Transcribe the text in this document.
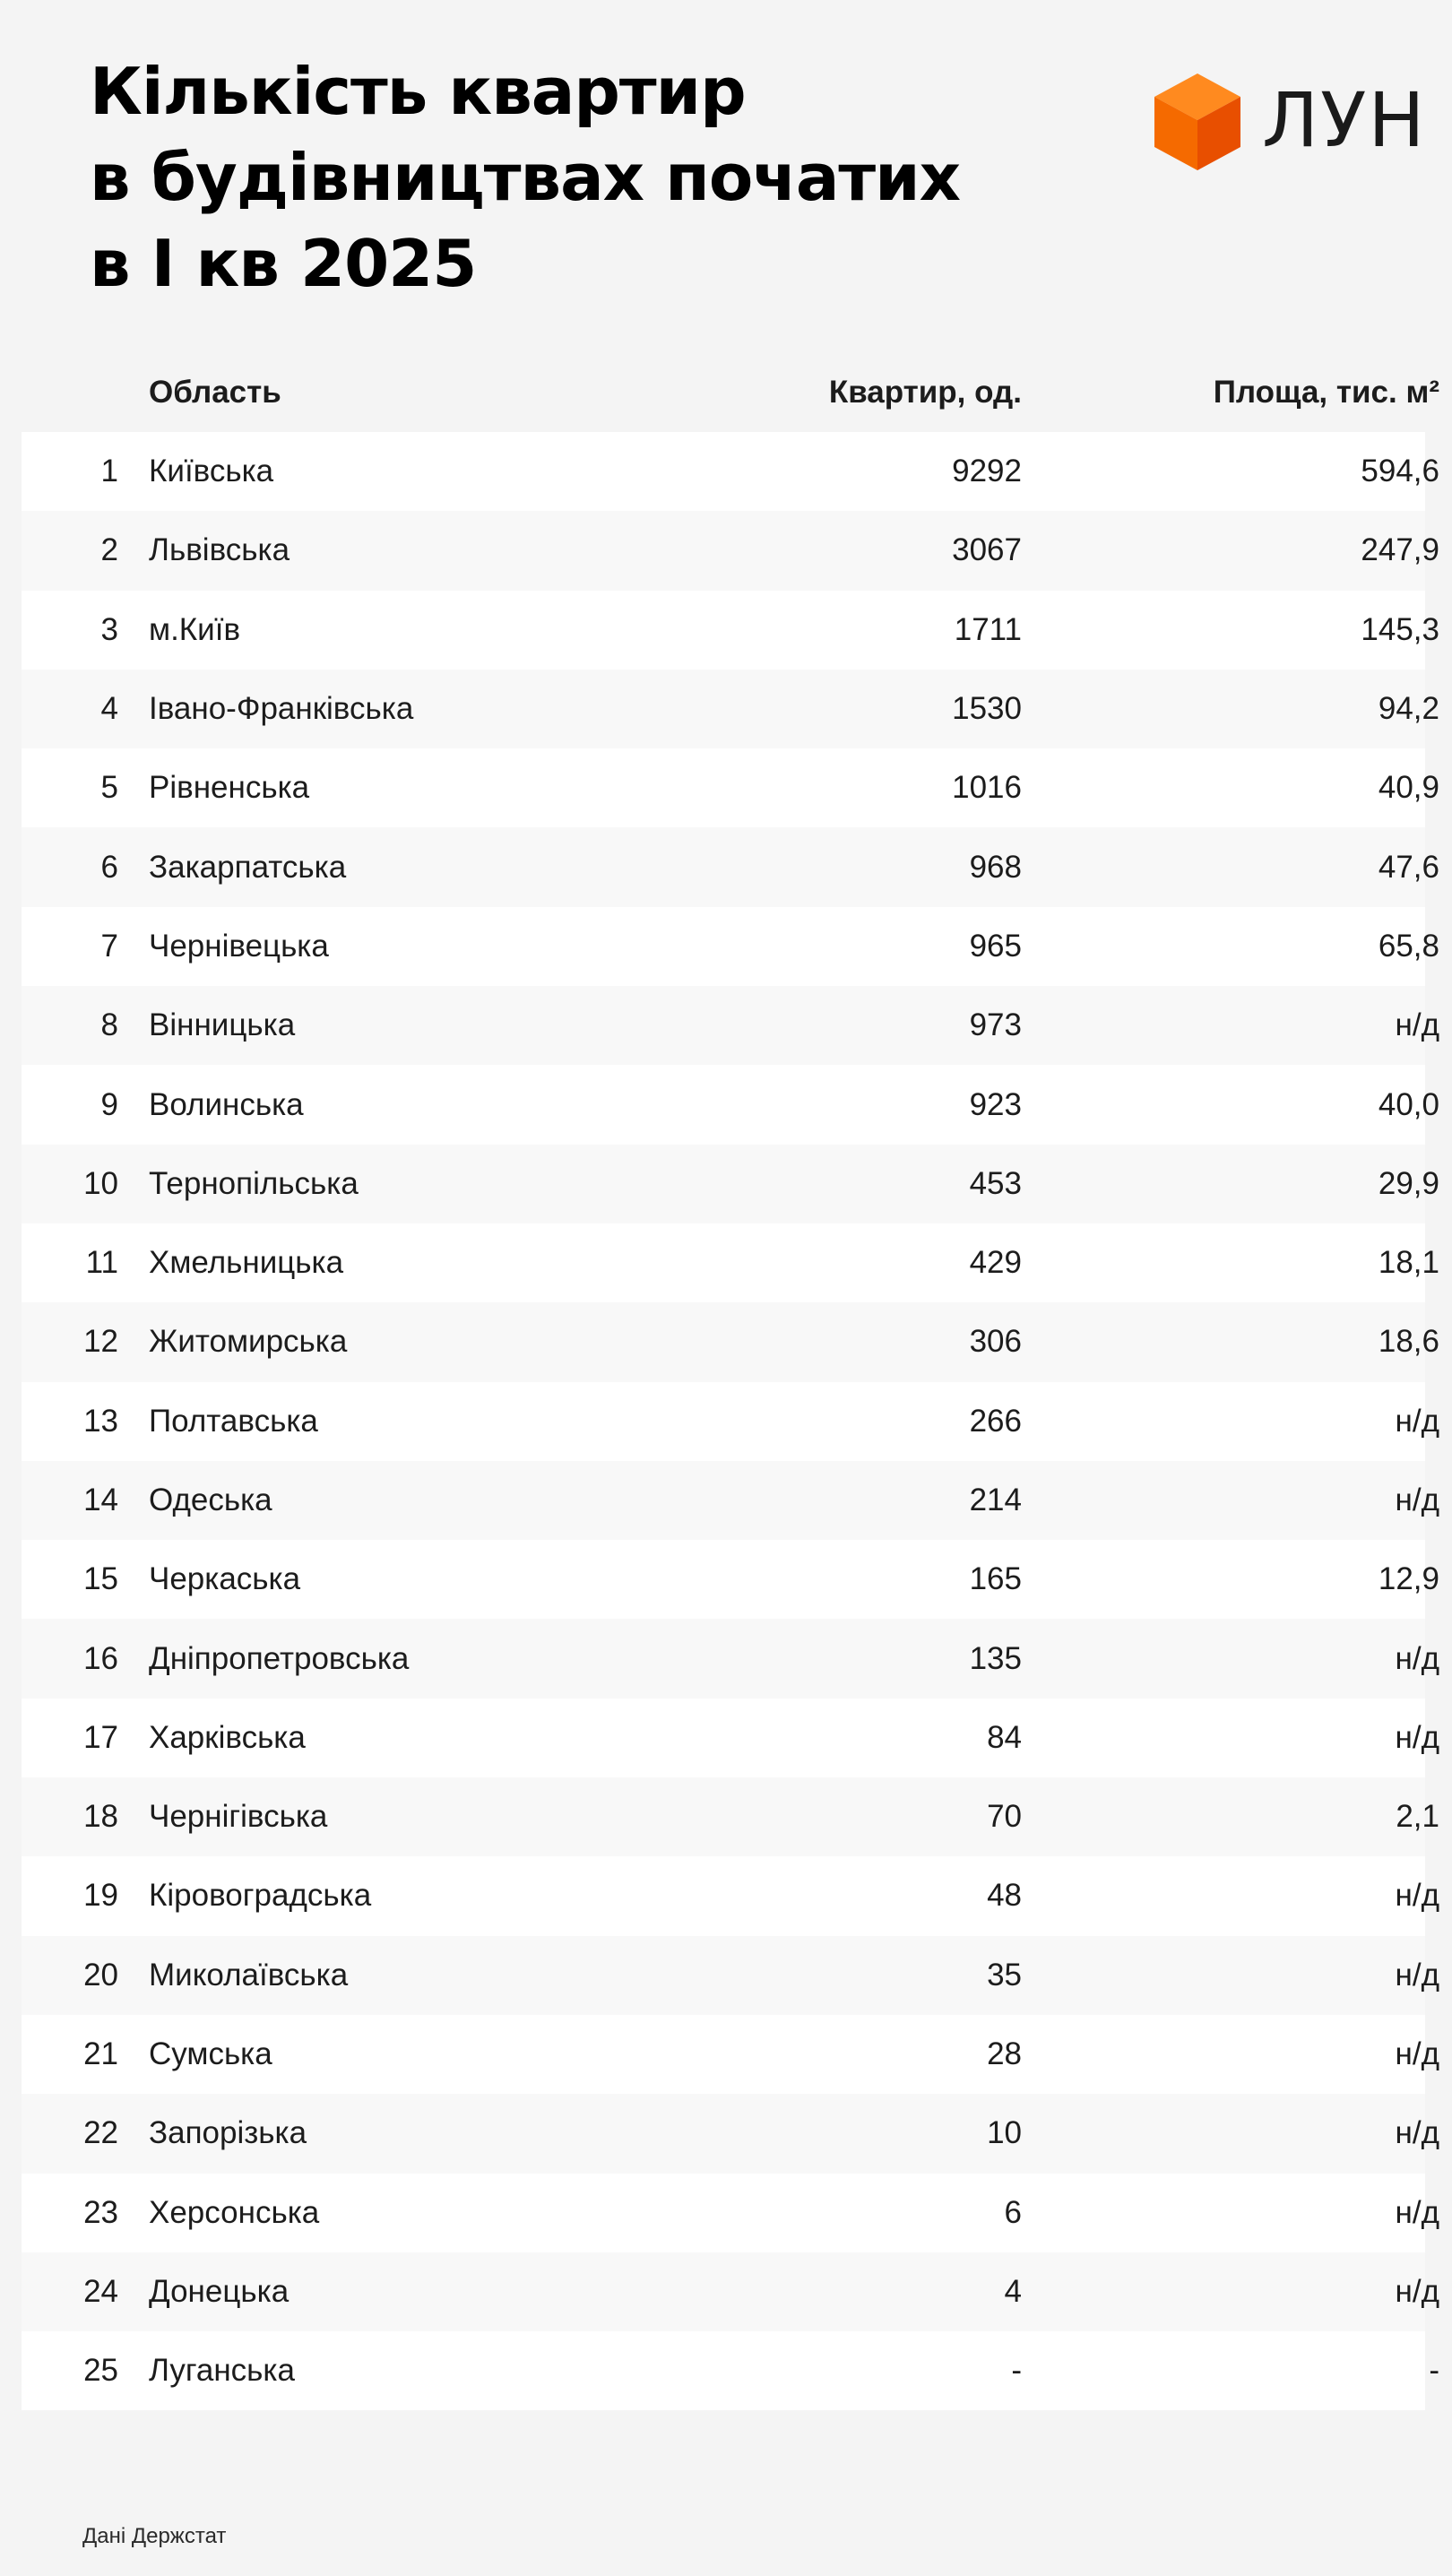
Кількість квартир
в будівництвах початих
в I кв 2025
ЛУН
Область	Квартир, од.	Площа, тис. м²
1 Київська	9292	594,6
2 Львівська	3067	247,9
3 м.Київ	1711	145,3
4 Івано-Франківська	1530	94,2
5 Рівненська	1016	40,9
6 Закарпатська	968	47,6
7 Чернівецька	965	65,8
8 Вінницька	973	н/д
9 Волинська	923	40,0
10 Тернопільська	453	29,9
11 Хмельницька	429	18,1
12 Житомирська	306	18,6
13 Полтавська	266	н/д
14 Одеська	214	н/д
15 Черкаська	165	12,9
16 Дніпропетровська	135	н/д
17 Харківська	84	н/д
18 Чернігівська	70	2,1
19 Кіровоградська	48	н/д
20 Миколаївська	35	н/д
21 Сумська	28	н/д
22 Запорізька	10	н/д
23 Херсонська	6	н/д
24 Донецька	4	н/д
25 Луганська	-	-
Дані Держстат
